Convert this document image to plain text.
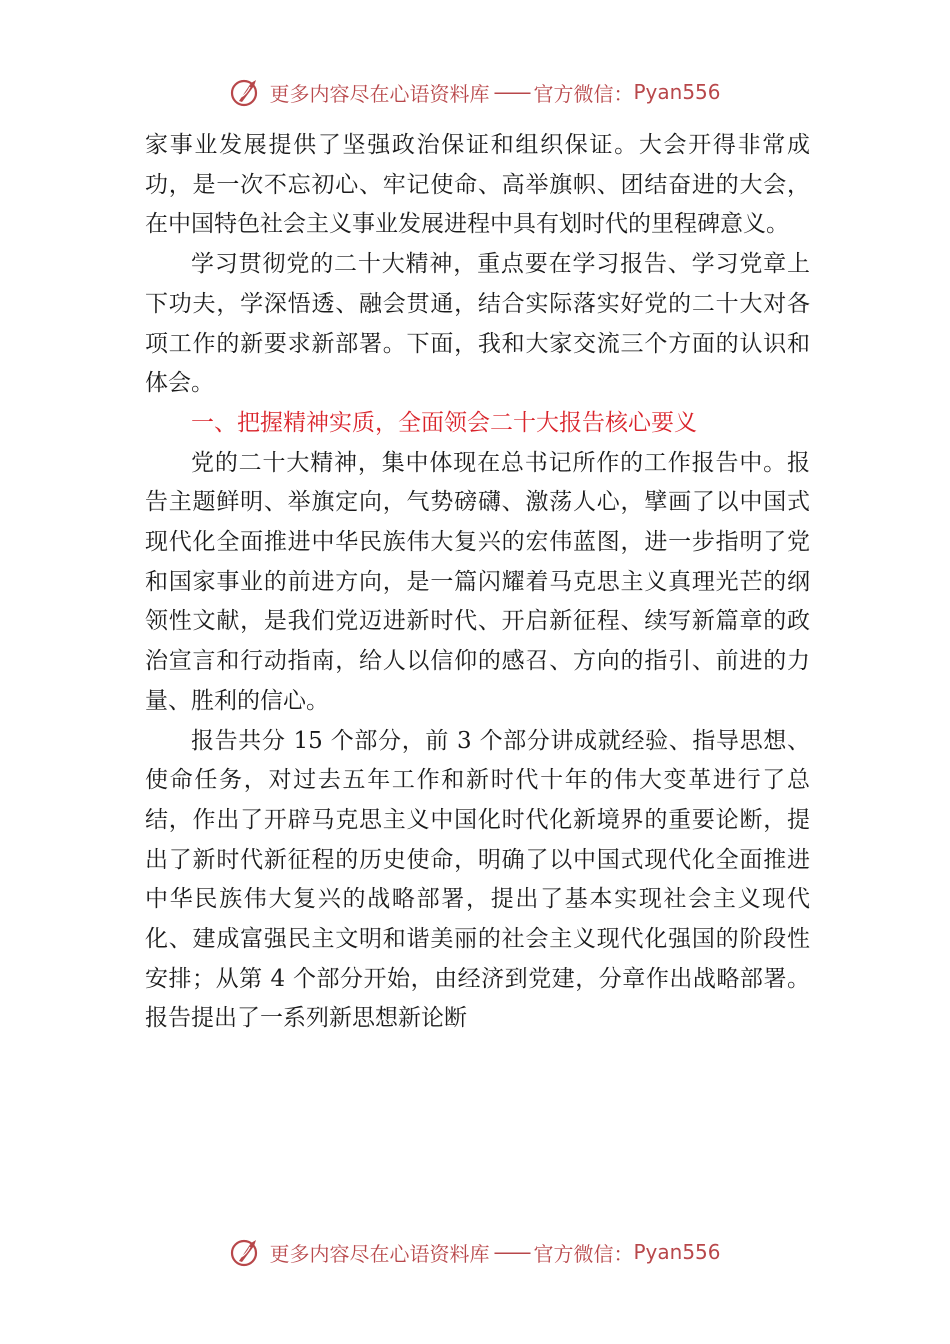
更多内容尽在心语资料库 —— 官方微信： Pyan556

家事业发展提供了坚强政治保证和组织保证。大会开得非常成功，是一次不忘初心、牢记使命、高举旗帜、团结奋进的大会，在中国特色社会主义事业发展进程中具有划时代的里程碑意义。

学习贯彻党的二十大精神，重点要在学习报告、学习党章上下功夫，学深悟透、融会贯通，结合实际落实好党的二十大对各项工作的新要求新部署。下面，我和大家交流三个方面的认识和体会。

一、把握精神实质，全面领会二十大报告核心要义

党的二十大精神，集中体现在总书记所作的工作报告中。报告主题鲜明、举旗定向，气势磅礴、激荡人心，擘画了以中国式现代化全面推进中华民族伟大复兴的宏伟蓝图，进一步指明了党和国家事业的前进方向，是一篇闪耀着马克思主义真理光芒的纲领性文献，是我们党迈进新时代、开启新征程、续写新篇章的政治宣言和行动指南，给人以信仰的感召、方向的指引、前进的力量、胜利的信心。

报告共分 15 个部分，前 3 个部分讲成就经验、指导思想、使命任务，对过去五年工作和新时代十年的伟大变革进行了总结，作出了开辟马克思主义中国化时代化新境界的重要论断，提出了新时代新征程的历史使命，明确了以中国式现代化全面推进中华民族伟大复兴的战略部署，提出了基本实现社会主义现代化、建成富强民主文明和谐美丽的社会主义现代化强国的阶段性安排；从第 4 个部分开始，由经济到党建，分章作出战略部署。报告提出了一系列新思想新论断

更多内容尽在心语资料库 —— 官方微信： Pyan556
